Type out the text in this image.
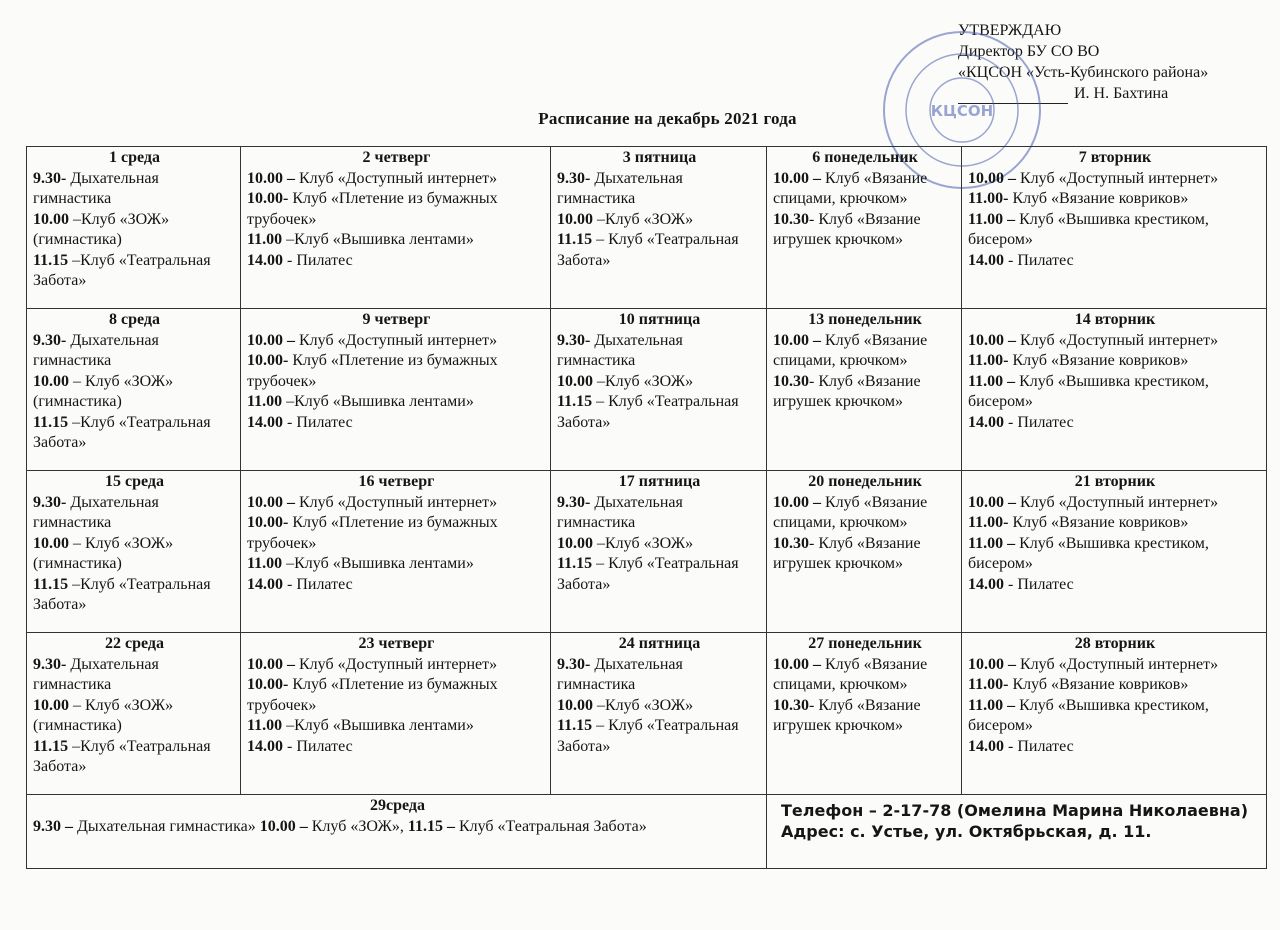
УТВЕРЖДАЮ
Директор БУ СО ВО
«КЦСОН «Усть-Кубинского района»
И. Н. Бахтина
КЦСОН
Расписание на декабрь 2021 года
1 среда
9.30- Дыхательная гимнастика
10.00 –Клуб «ЗОЖ» (гимнастика)
11.15 –Клуб «Театральная Забота»	2 четверг
10.00 – Клуб «Доступный интернет»
10.00- Клуб «Плетение из бумажных трубочек»
11.00 –Клуб «Вышивка лентами»
14.00 - Пилатес	3 пятница
9.30- Дыхательная гимнастика
10.00 –Клуб «ЗОЖ»
11.15 – Клуб «Театральная Забота»	6 понедельник
10.00 – Клуб «Вязание спицами, крючком»
10.30- Клуб «Вязание игрушек крючком»	7 вторник
10.00 – Клуб «Доступный интернет»
11.00- Клуб «Вязание ковриков»
11.00 – Клуб «Вышивка крестиком, бисером»
14.00 - Пилатес

8 среда
9.30- Дыхательная гимнастика
10.00 – Клуб «ЗОЖ» (гимнастика)
11.15 –Клуб «Театральная Забота»	9 четверг
10.00 – Клуб «Доступный интернет»
10.00- Клуб «Плетение из бумажных трубочек»
11.00 –Клуб «Вышивка лентами»
14.00 - Пилатес	10 пятница
9.30- Дыхательная гимнастика
10.00 –Клуб «ЗОЖ»
11.15 – Клуб «Театральная Забота»	13 понедельник
10.00 – Клуб «Вязание спицами, крючком»
10.30- Клуб «Вязание игрушек крючком»	14 вторник
10.00 – Клуб «Доступный интернет»
11.00- Клуб «Вязание ковриков»
11.00 – Клуб «Вышивка крестиком, бисером»
14.00 - Пилатес

15 среда
9.30- Дыхательная гимнастика
10.00 – Клуб «ЗОЖ» (гимнастика)
11.15 –Клуб «Театральная Забота»	16 четверг
10.00 – Клуб «Доступный интернет»
10.00- Клуб «Плетение из бумажных трубочек»
11.00 –Клуб «Вышивка лентами»
14.00 - Пилатес	17 пятница
9.30- Дыхательная гимнастика
10.00 –Клуб «ЗОЖ»
11.15 – Клуб «Театральная Забота»	20 понедельник
10.00 – Клуб «Вязание спицами, крючком»
10.30- Клуб «Вязание игрушек крючком»	21 вторник
10.00 – Клуб «Доступный интернет»
11.00- Клуб «Вязание ковриков»
11.00 – Клуб «Вышивка крестиком, бисером»
14.00 - Пилатес

22 среда
9.30- Дыхательная гимнастика
10.00 – Клуб «ЗОЖ» (гимнастика)
11.15 –Клуб «Театральная Забота»	23 четверг
10.00 – Клуб «Доступный интернет»
10.00- Клуб «Плетение из бумажных трубочек»
11.00 –Клуб «Вышивка лентами»
14.00 - Пилатес	24 пятница
9.30- Дыхательная гимнастика
10.00 –Клуб «ЗОЖ»
11.15 – Клуб «Театральная Забота»	27 понедельник
10.00 – Клуб «Вязание спицами, крючком»
10.30- Клуб «Вязание игрушек крючком»	28 вторник
10.00 – Клуб «Доступный интернет»
11.00- Клуб «Вязание ковриков»
11.00 – Клуб «Вышивка крестиком, бисером»
14.00 - Пилатес

29среда
9.30 – Дыхательная гимнастика» 10.00 – Клуб «ЗОЖ», 11.15 – Клуб «Театральная Забота»			Телефон – 2-17-78 (Омелина Марина Николаевна)
Адрес: с. Устье, ул. Октябрьская, д. 11.	
